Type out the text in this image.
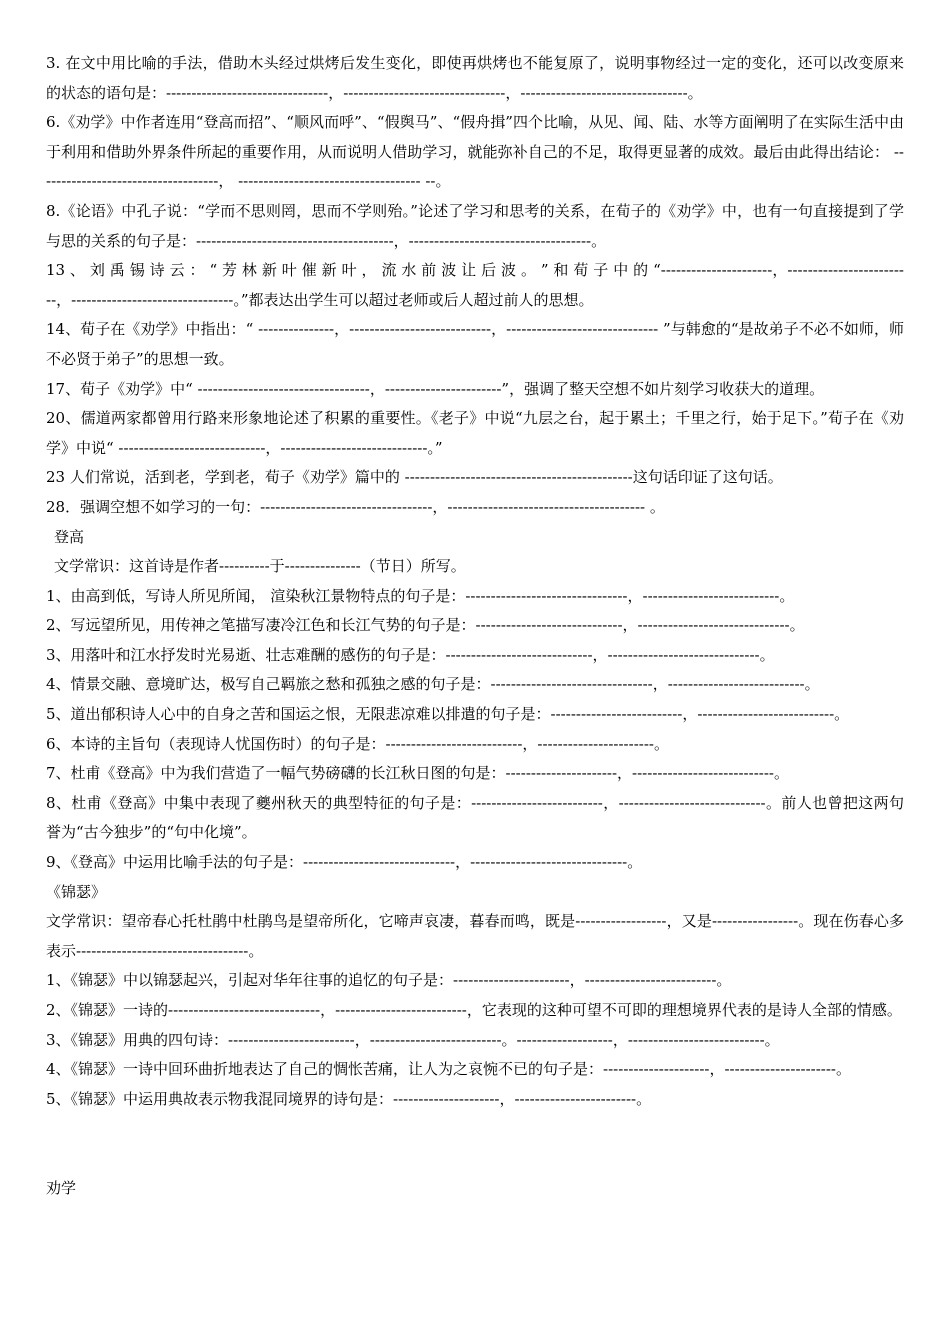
3. 在文中用比喻的手法，借助木头经过烘烤后发生变化，即使再烘烤也不能复原了，说明事物经过一定的变化，还可以改变原来的状态的语句是：--------------------------------，--------------------------------，---------------------------------。

6.《劝学》中作者连用“登高而招”、“顺风而呼”、“假舆马”、“假舟揖”四个比喻，从见、闻、陆、水等方面阐明了在实际生活中由于利用和借助外界条件所起的重要作用，从而说明人借助学习，就能弥补自己的不足，取得更显著的成效。最后由此得出结论： ------------------------------------， ------------------------------------ --。

8.《论语》中孔子说：“学而不思则罔，思而不学则殆。”论述了学习和思考的关系，在荀子的《劝学》中，也有一句直接提到了学与思的关系的句子是：---------------------------------------，------------------------------------。

13 、 刘 禹 锡 诗 云 ： “ 芳 林 新 叶 催 新 叶 ， 流 水 前 波 让 后 波 。 ” 和 荀 子 中 的 “----------------------，-------------------------，--------------------------------。”都表达出学生可以超过老师或后人超过前人的思想。

14、荀子在《劝学》中指出：“ ---------------，----------------------------，------------------------------ ”与韩愈的“是故弟子不必不如师，师不必贤于弟子”的思想一致。

17、荀子《劝学》中“ ----------------------------------，-----------------------”，强调了整天空想不如片刻学习收获大的道理。

20、儒道两家都曾用行路来形象地论述了积累的重要性。《老子》中说“九层之台，起于累土；千里之行，始于足下。”荀子在《劝学》中说“ -----------------------------，-----------------------------。”

23 人们常说，活到老，学到老，荀子《劝学》篇中的 ---------------------------------------------这句话印证了这句话。

28．强调空想不如学习的一句：----------------------------------，--------------------------------------- 。

登高

文学常识：这首诗是作者----------于---------------（节日）所写。

1、由高到低，写诗人所见所闻， 渲染秋江景物特点的句子是：--------------------------------，---------------------------。

2、写远望所见，用传神之笔描写凄冷江色和长江气势的句子是：-----------------------------，------------------------------。

3、用落叶和江水抒发时光易逝、壮志难酬的感伤的句子是：-----------------------------，------------------------------。

4、情景交融、意境旷达，极写自己羁旅之愁和孤独之感的句子是：--------------------------------，---------------------------。

5、道出郁积诗人心中的自身之苦和国运之恨，无限悲凉难以排遣的句子是：--------------------------，---------------------------。

6、本诗的主旨句（表现诗人忧国伤时）的句子是：---------------------------，-----------------------。

7、杜甫《登高》中为我们营造了一幅气势磅礴的长江秋日图的句是：----------------------，----------------------------。

8、杜甫《登高》中集中表现了夔州秋天的典型特征的句子是：--------------------------，-----------------------------。前人也曾把这两句誉为“古今独步”的“句中化境”。

9、《登高》中运用比喻手法的句子是：------------------------------，-------------------------------。

《锦瑟》

文学常识：望帝春心托杜鹃中杜鹃鸟是望帝所化，它啼声哀凄，暮春而鸣，既是------------------，又是-----------------。现在伤春心多表示----------------------------------。

1、《锦瑟》中以锦瑟起兴，引起对华年往事的追忆的句子是：-----------------------，--------------------------。

2、《锦瑟》一诗的------------------------------，--------------------------，它表现的这种可望不可即的理想境界代表的是诗人全部的情感。

3、《锦瑟》用典的四句诗：-------------------------，--------------------------。-------------------，---------------------------。

4、《锦瑟》一诗中回环曲折地表达了自己的惆怅苦痛，让人为之哀惋不已的句子是：---------------------，----------------------。

5、《锦瑟》中运用典故表示物我混同境界的诗句是：---------------------，------------------------。

劝学
